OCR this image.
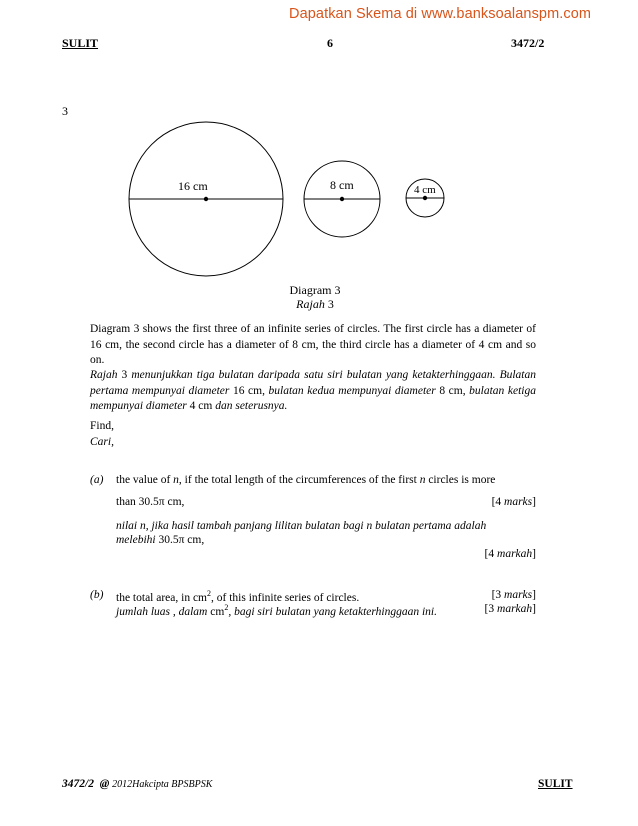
Dapatkan Skema di www.banksoalanspm.com
SULIT	6	3472/2
3
16 cm	8 cm	4 cm
Diagram 3
Rajah 3
Diagram 3 shows the first three of an infinite series of circles. The first circle has a diameter of 16 cm, the second circle has a diameter of 8 cm, the third circle has a diameter of 4 cm and so on.
Rajah 3 menunjukkan tiga bulatan daripada satu siri bulatan yang ketakterhinggaan. Bulatan pertama mempunyai diameter 16 cm, bulatan kedua mempunyai diameter 8 cm, bulatan ketiga mempunyai diameter 4 cm dan seterusnya.
Find,
Cari,
(a) the value of n, if the total length of the circumferences of the first n circles is more
than 30.5π cm,	[4 marks]
nilai n, jika hasil tambah panjang lilitan bulatan bagi n bulatan pertama adalah
melebihi 30.5π cm,
[4 markah]
(b) the total area, in $cm^2$, of this infinite series of circles.	[3 marks]
jumlah luas , dalam $cm^2$, bagi siri bulatan yang ketakterhinggaan ini.	[3 markah]
3472/2 @ 2012Hakcipta BPSBPSK	SULIT
